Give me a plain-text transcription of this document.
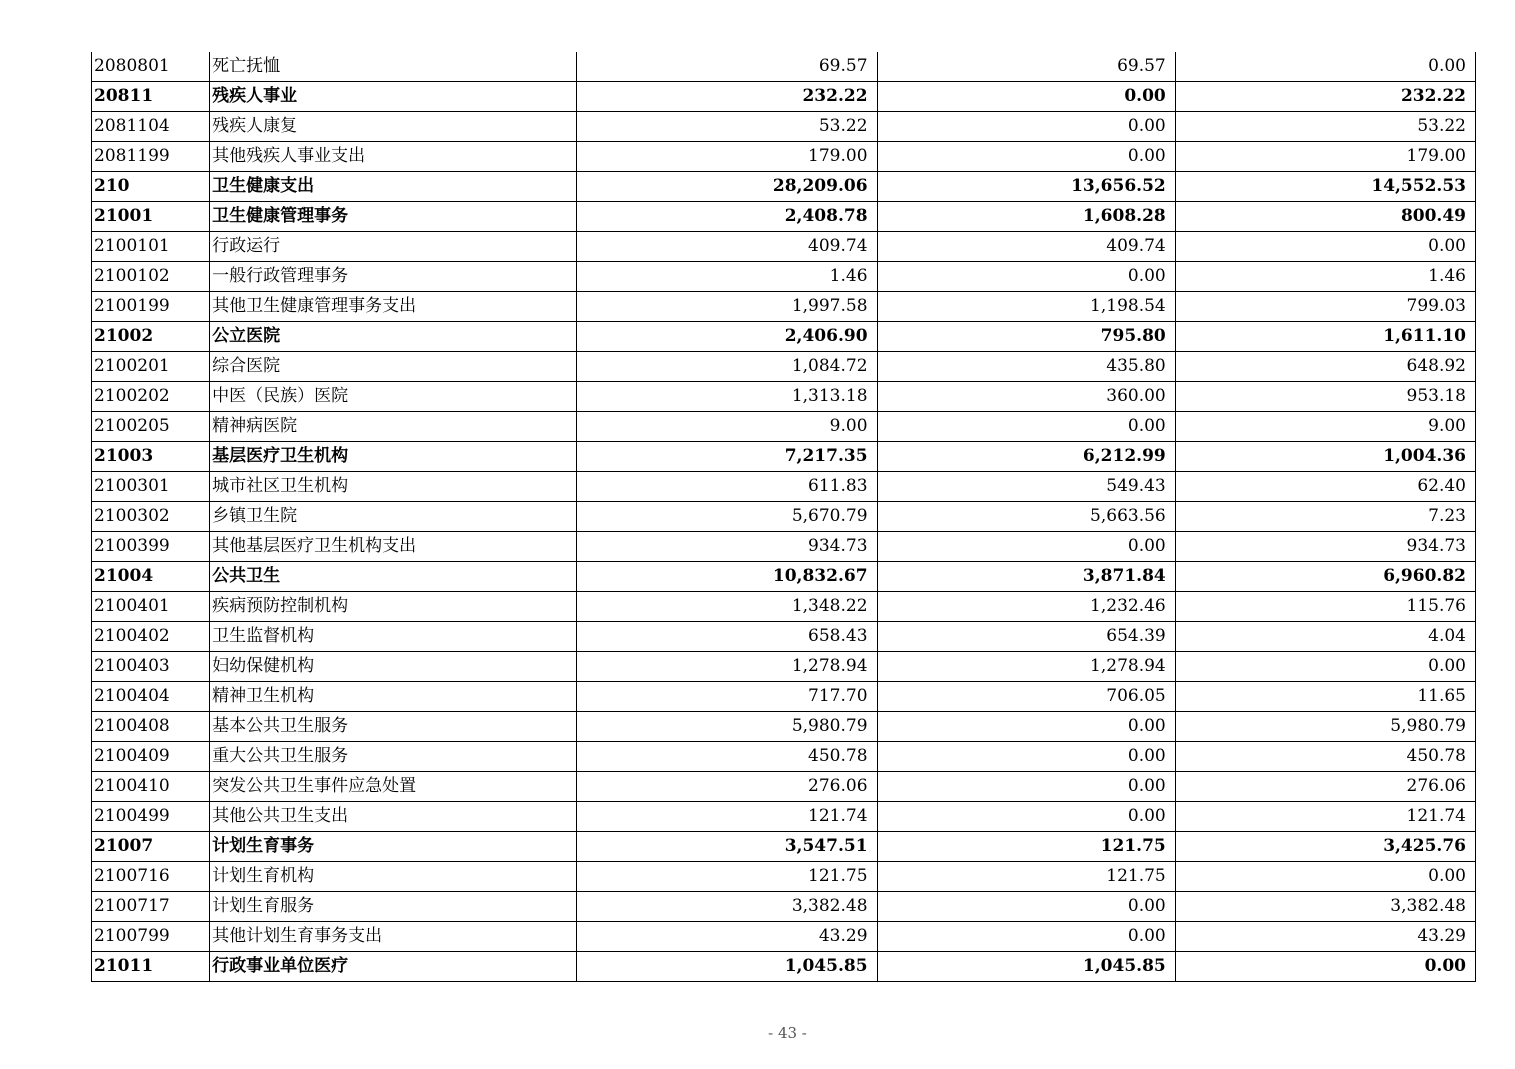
2080801	死亡抚恤	69.57	69.57	0.00
20811	残疾人事业	232.22	0.00	232.22
2081104	残疾人康复	53.22	0.00	53.22
2081199	其他残疾人事业支出	179.00	0.00	179.00
210	卫生健康支出	28,209.06	13,656.52	14,552.53
21001	卫生健康管理事务	2,408.78	1,608.28	800.49
2100101	行政运行	409.74	409.74	0.00
2100102	一般行政管理事务	1.46	0.00	1.46
2100199	其他卫生健康管理事务支出	1,997.58	1,198.54	799.03
21002	公立医院	2,406.90	795.80	1,611.10
2100201	综合医院	1,084.72	435.80	648.92
2100202	中医（民族）医院	1,313.18	360.00	953.18
2100205	精神病医院	9.00	0.00	9.00
21003	基层医疗卫生机构	7,217.35	6,212.99	1,004.36
2100301	城市社区卫生机构	611.83	549.43	62.40
2100302	乡镇卫生院	5,670.79	5,663.56	7.23
2100399	其他基层医疗卫生机构支出	934.73	0.00	934.73
21004	公共卫生	10,832.67	3,871.84	6,960.82
2100401	疾病预防控制机构	1,348.22	1,232.46	115.76
2100402	卫生监督机构	658.43	654.39	4.04
2100403	妇幼保健机构	1,278.94	1,278.94	0.00
2100404	精神卫生机构	717.70	706.05	11.65
2100408	基本公共卫生服务	5,980.79	0.00	5,980.79
2100409	重大公共卫生服务	450.78	0.00	450.78
2100410	突发公共卫生事件应急处置	276.06	0.00	276.06
2100499	其他公共卫生支出	121.74	0.00	121.74
21007	计划生育事务	3,547.51	121.75	3,425.76
2100716	计划生育机构	121.75	121.75	0.00
2100717	计划生育服务	3,382.48	0.00	3,382.48
2100799	其他计划生育事务支出	43.29	0.00	43.29
21011	行政事业单位医疗	1,045.85	1,045.85	0.00
- 43 -
